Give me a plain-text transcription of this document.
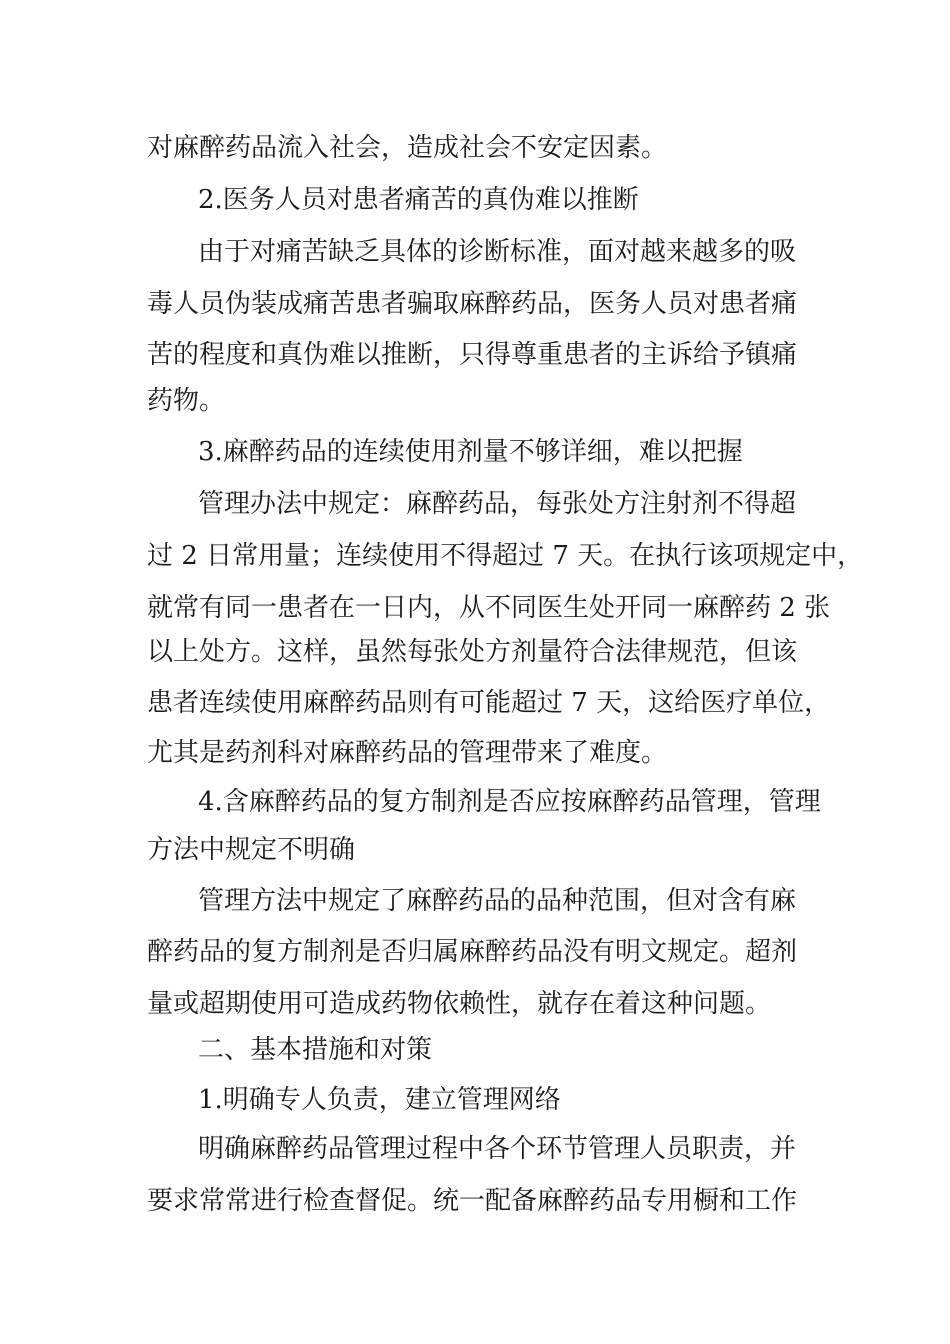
对麻醉药品流入社会，造成社会不安定因素。
2.医务人员对患者痛苦的真伪难以推断
由于对痛苦缺乏具体的诊断标准，面对越来越多的吸
毒人员伪装成痛苦患者骗取麻醉药品，医务人员对患者痛
苦的程度和真伪难以推断，只得尊重患者的主诉给予镇痛
药物。
3.麻醉药品的连续使用剂量不够详细，难以把握
管理办法中规定：麻醉药品，每张处方注射剂不得超
过 2 日常用量；连续使用不得超过 7 天。在执行该项规定中，
就常有同一患者在一日内，从不同医生处开同一麻醉药 2 张
以上处方。这样，虽然每张处方剂量符合法律规范，但该
患者连续使用麻醉药品则有可能超过 7 天，这给医疗单位，
尤其是药剂科对麻醉药品的管理带来了难度。
4.含麻醉药品的复方制剂是否应按麻醉药品管理，管理
方法中规定不明确
管理方法中规定了麻醉药品的品种范围，但对含有麻
醉药品的复方制剂是否归属麻醉药品没有明文规定。超剂
量或超期使用可造成药物依赖性，就存在着这种问题。
二、基本措施和对策
1.明确专人负责，建立管理网络
明确麻醉药品管理过程中各个环节管理人员职责，并
要求常常进行检查督促。统一配备麻醉药品专用橱和工作
